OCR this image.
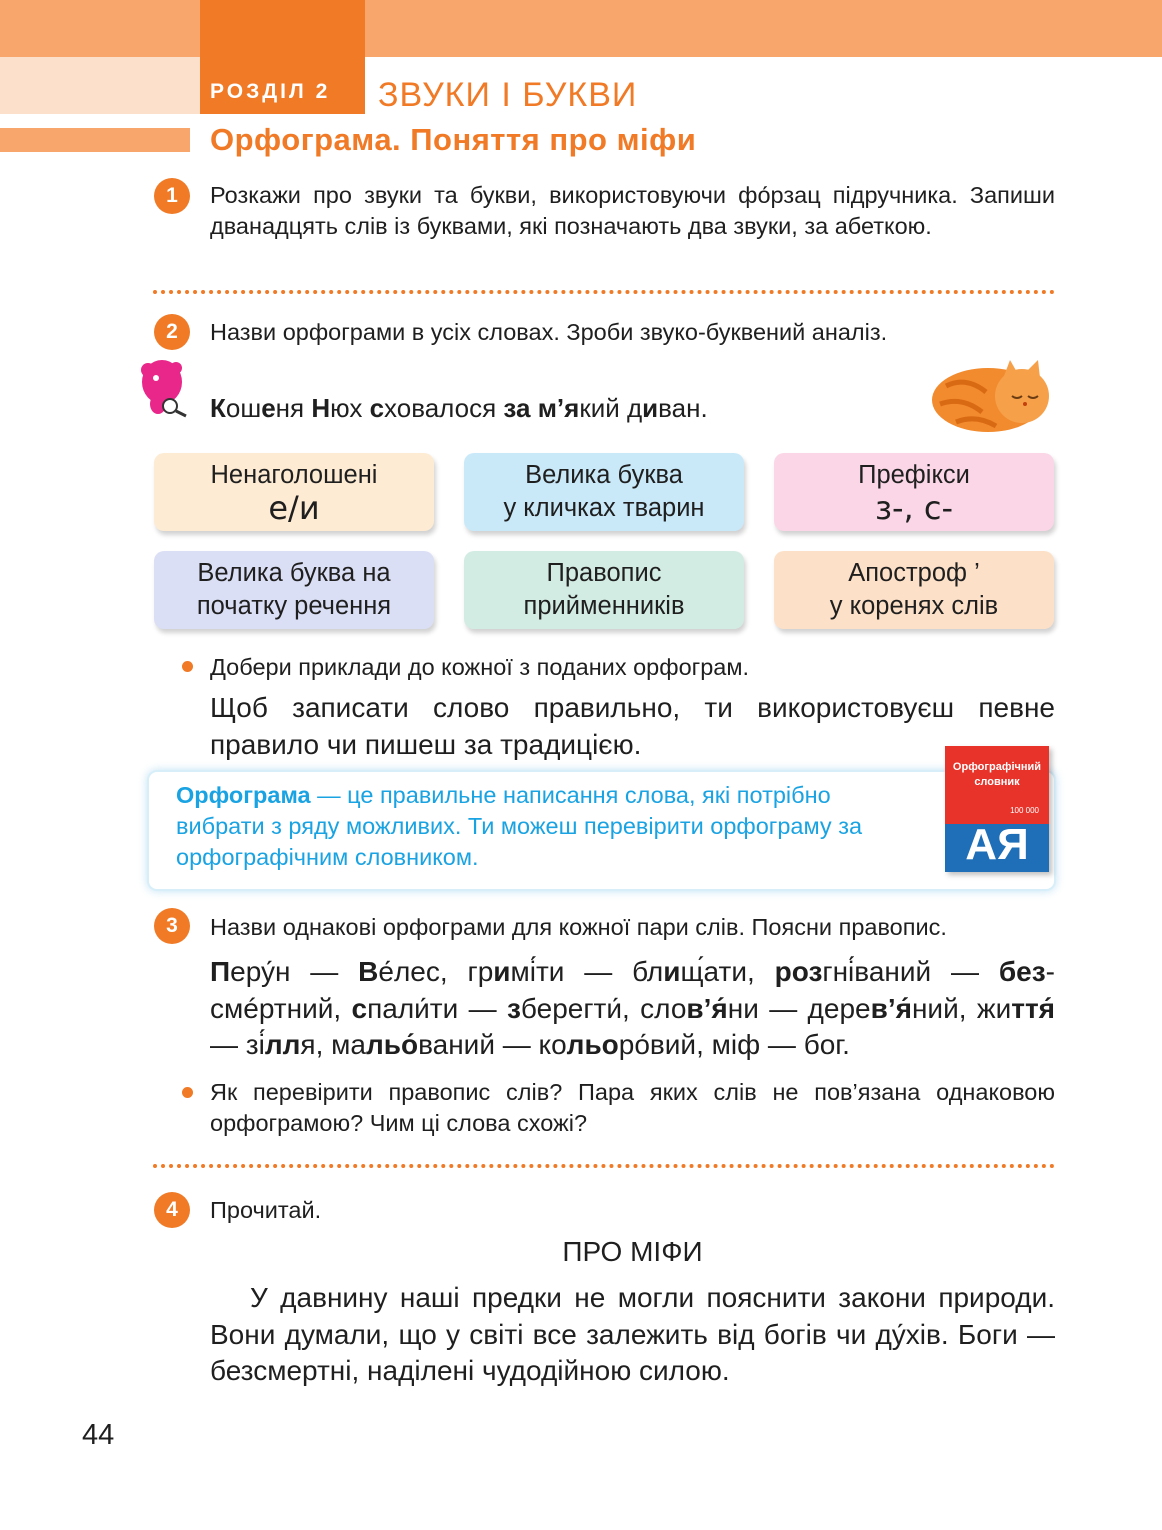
РОЗДІЛ 2 ЗВУКИ І БУКВИ
Орфограма. Поняття про міфи
1	Розкажи про звуки та букви, використовуючи фо́рзац підручника. Запиши дванадцять слів із буквами, які позначають два звуки, за абеткою.
2	Назви орфограми в усіх словах. Зроби звуко-буквений аналіз.
Кошеня Нюх сховалося за м’який диван.
Ненаголошені
е/и
Велика буква
у кличках тварин
Префікси
з-, с-
Велика буква на
початку речення
Правопис
прийменників
Апостроф ’
у коренях слів
Добери приклади до кожної з поданих орфограм.
Щоб записати слово правильно, ти використовуєш певне правило чи пишеш за традицією.
Орфограма — це правильне написання слова, які потрібно вибрати з ряду можливих. Ти можеш перевірити орфограму за орфографічним словником.
Орфографічний словник
100 000
АЯ
3	Назви однакові орфограми для кожної пари слів. Поясни правопис.
Перу́н — Ве́лес, гримі́ти — блищ́ати, розгні́ваний — без-смéртний, спали́ти — зберегти́, слов’я́ни — дерев’я́ний, життя́ — зі́лля, мальо́ваний — кольоро́вий, міф — бог.
Як перевірити правопис слів? Пара яких слів не пов’язана однаковою орфограмою? Чим ці слова схожі?
4	Прочитай.
ПРО МІФИ
У давнину наші предки не могли пояснити закони природи. Вони думали, що у світі все залежить від богів чи ду́хів. Боги — безсмертні, наділені чудодійною силою.
44
